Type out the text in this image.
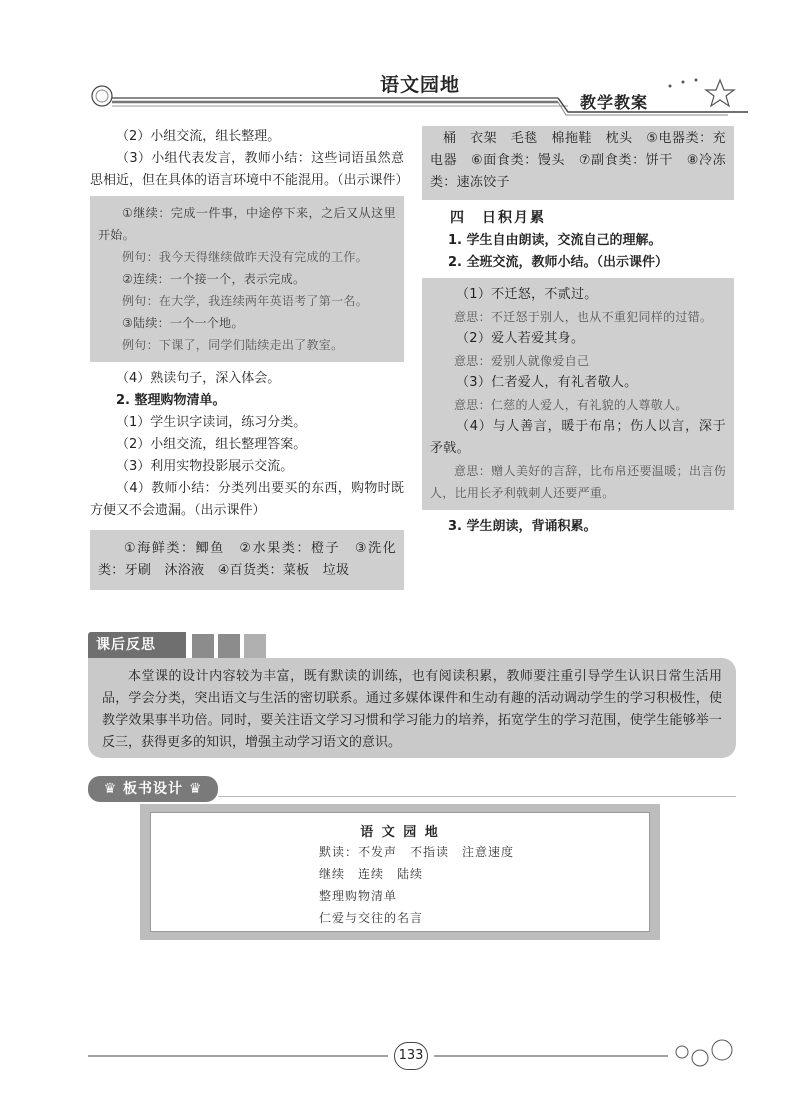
语文园地
教学教案
（2）小组交流，组长整理。
（3）小组代表发言，教师小结：这些词语虽然意思相近，但在具体的语言环境中不能混用。（出示课件）
①继续：完成一件事，中途停下来，之后又从这里开始。
例句：我今天得继续做昨天没有完成的工作。
②连续：一个接一个，表示完成。
例句：在大学，我连续两年英语考了第一名。
③陆续：一个一个地。
例句：下课了，同学们陆续走出了教室。
（4）熟读句子，深入体会。
2. 整理购物清单。
（1）学生识字读词，练习分类。
（2）小组交流，组长整理答案。
（3）利用实物投影展示交流。
（4）教师小结：分类列出要买的东西，购物时既方便又不会遗漏。（出示课件）
①海鲜类：鲫鱼　②水果类：橙子　③洗化类：牙刷　沐浴液　④百货类：菜板　垃圾
桶　衣架　毛毯　棉拖鞋　枕头　⑤电器类：充电器　⑥面食类：馒头　⑦副食类：饼干　⑧冷冻类：速冻饺子
四　日积月累
1. 学生自由朗读，交流自己的理解。
2. 全班交流，教师小结。（出示课件）
（1）不迁怒，不贰过。
意思：不迁怒于别人，也从不重犯同样的过错。
（2）爱人若爱其身。
意思：爱别人就像爱自己
（3）仁者爱人，有礼者敬人。
意思：仁慈的人爱人，有礼貌的人尊敬人。
（4）与人善言，暖于布帛；伤人以言，深于矛戟。
意思：赠人美好的言辞，比布帛还要温暖；出言伤人，比用长矛利戟刺人还要严重。
3. 学生朗读，背诵积累。
课后反思
本堂课的设计内容较为丰富，既有默读的训练，也有阅读积累，教师要注重引导学生认识日常生活用品，学会分类，突出语文与生活的密切联系。通过多媒体课件和生动有趣的活动调动学生的学习积极性，使教学效果事半功倍。同时，要关注语文学习习惯和学习能力的培养，拓宽学生的学习范围，使学生能够举一反三，获得更多的知识，增强主动学习语文的意识。
♛ 板书设计 ♛
语 文 园 地
默读：不发声　不指读　注意速度
继续　连续　陆续
整理购物清单
仁爱与交往的名言
133
